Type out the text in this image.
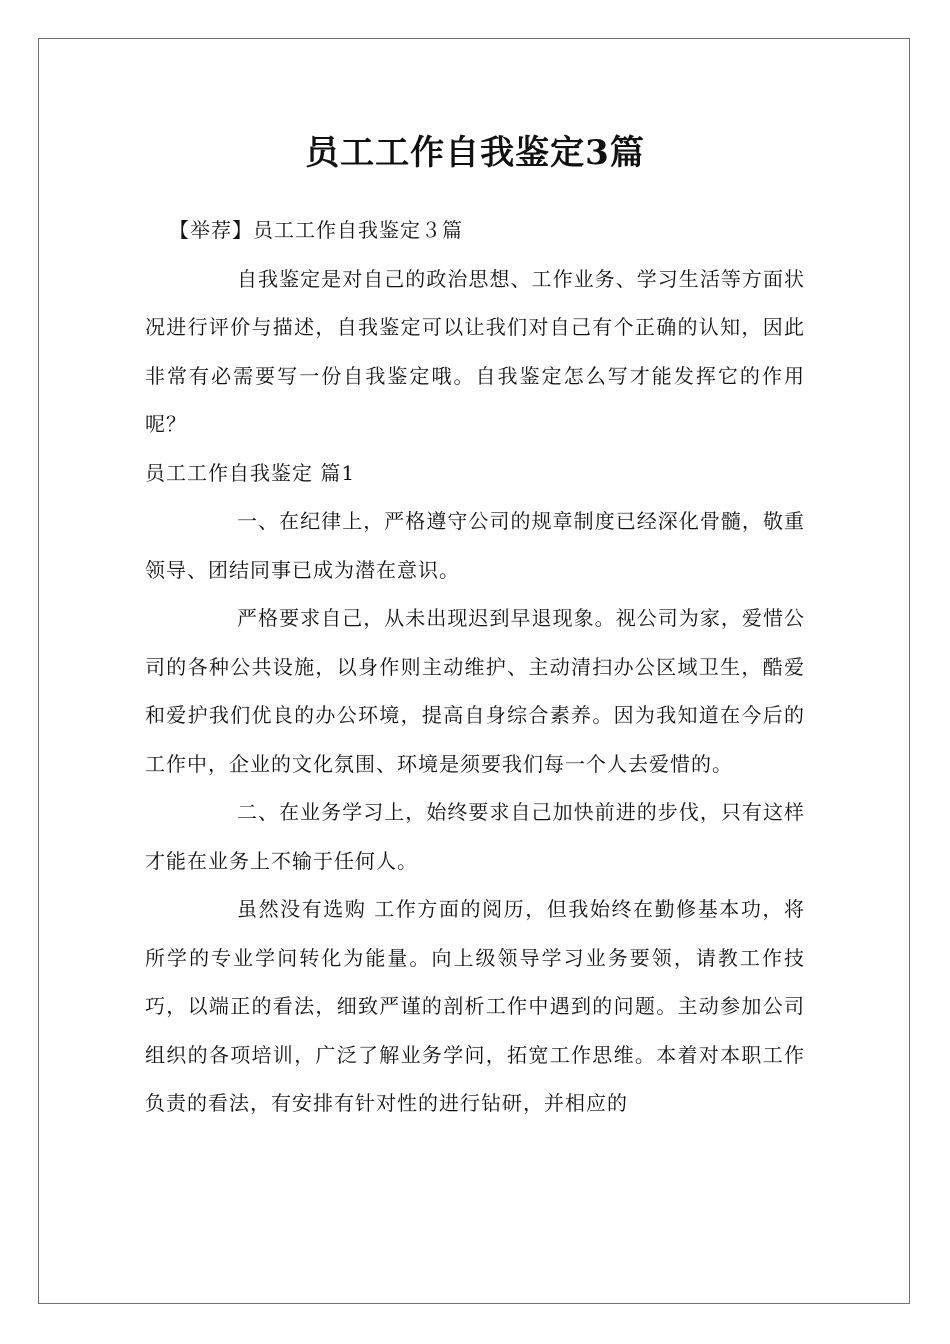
员工工作自我鉴定3篇

【举荐】员工工作自我鉴定３篇

自我鉴定是对自己的政治思想、工作业务、学习生活等方面状况进行评价与描述，自我鉴定可以让我们对自己有个正确的认知，因此非常有必需要写一份自我鉴定哦。自我鉴定怎么写才能发挥它的作用呢？

员工工作自我鉴定 篇1

一、在纪律上，严格遵守公司的规章制度已经深化骨髓，敬重领导、团结同事已成为潜在意识。

严格要求自己，从未出现迟到早退现象。视公司为家，爱惜公司的各种公共设施，以身作则主动维护、主动清扫办公区域卫生，酷爱和爱护我们优良的办公环境，提高自身综合素养。因为我知道在今后的工作中，企业的文化氛围、环境是须要我们每一个人去爱惜的。

二、在业务学习上，始终要求自己加快前进的步伐，只有这样才能在业务上不输于任何人。

虽然没有选购 工作方面的阅历，但我始终在勤修基本功，将所学的专业学问转化为能量。向上级领导学习业务要领，请教工作技巧，以端正的看法，细致严谨的剖析工作中遇到的问题。主动参加公司组织的各项培训，广泛了解业务学问，拓宽工作思维。本着对本职工作负责的看法，有安排有针对性的进行钻研，并相应的
